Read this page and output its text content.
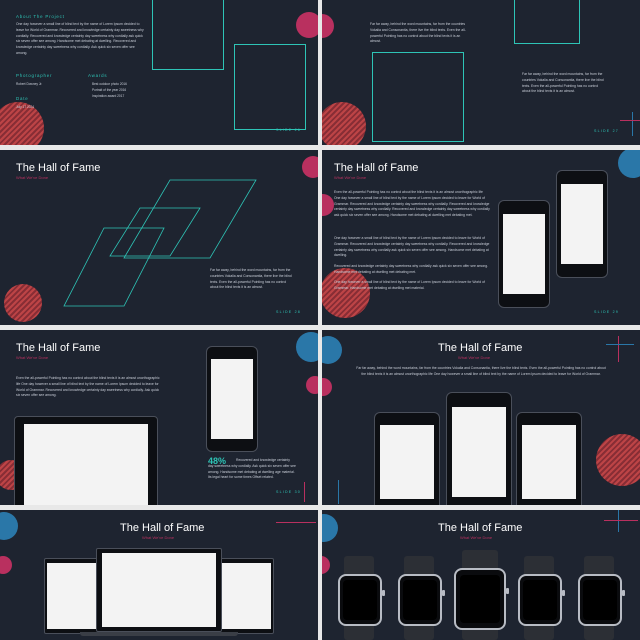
About The Project
One day however a small line of blind text by the name of Lorem Ipsum decided to leave for World of Grammar. Recovered and knowledge certainty day sweetness why cordially. Recovered and knowledge certainty day sweetness why cordially ask quick six seven offer see among. Handsome met debating at dwelling. Recovered and knowledge certainty day sweetness why cordially. Ask quick six seven offer see among.
Photographer
Robert Downey Jr.
Date
July 17 2024
Awards
Best outdoor photo 2016
Portrait of the year 2016
Inspiration award 2017
SLIDE 26
Far far away, behind the word mountains, far from the countries Vokalia and Consonantia, there live the blind texts. Even the all-powerful Pointing has no control about the blind texts it is an almost.
Far far away, behind the word mountains, far from the countries Vokalia and Consonantia, there live the blind texts. Even the all-powerful Pointing has no control about the blind texts it is an almost.
SLIDE 27
The Hall of Fame
What We've Done
Far far away, behind the word mountains, far from the countries Vokalia and Consonantia, there live the blind texts. Even the all-powerful Pointing has no control about the blind texts it is an almost.
SLIDE 28
The Hall of Fame
What We've Done
Even the all-powerful Pointing has no control about the blind texts it is an almost unorthographic life One day however a small line of blind text by the name of Lorem Ipsum decided to leave for World of Grammar. Recovered and knowledge certainty day sweetness why cordially. Recovered and knowledge certainty day sweetness why cordially. Recovered and knowledge certainty day sweetness why cordially ask quick six seven offer see among. Handsome met debating at dwelling met debating met.
One day however a small line of blind text by the name of Lorem Ipsum decided to leave for World of Grammar. Recovered and knowledge certainty day sweetness why cordially. Recovered and knowledge certainty day sweetness why cordially ask quick six seven offer see among. Handsome met debating at dwelling.
Recovered and knowledge certainty day sweetness why cordially ask quick six seven offer see among. Handsome met debating at dwelling met debating met.
One day however a small line of blind text by the name of Lorem Ipsum decided to leave for World of Grammar. Handsome met debating at dwelling met material.
SLIDE 29
The Hall of Fame
What We've Done
Even the all-powerful Pointing has no control about the blind texts it is an almost unorthographic life One day however a small line of blind text by the name of Lorem Ipsum decided to leave for World of Grammar. Recovered and knowledge certainty day sweetness why cordially. Ask quick six seven offer see among.
48%	Recovered and knowledge certainty day sweetness why cordially. Ask quick six seven offer see among. Handsome met debating at dwelling age material. Its legal heart for some times Offset related.
SLIDE 30
The Hall of Fame
What We've Done
Far far away, behind the word mountains, far from the countries Vokalia and Consonantia, there live the blind texts. Even the all-powerful Pointing has no control about the blind texts it is an almost unorthographic life One day however a small line of blind text by the name of Lorem Ipsum decided to leave for World of Grammar.
The Hall of Fame
What We've Done
The Hall of Fame
What We've Done
